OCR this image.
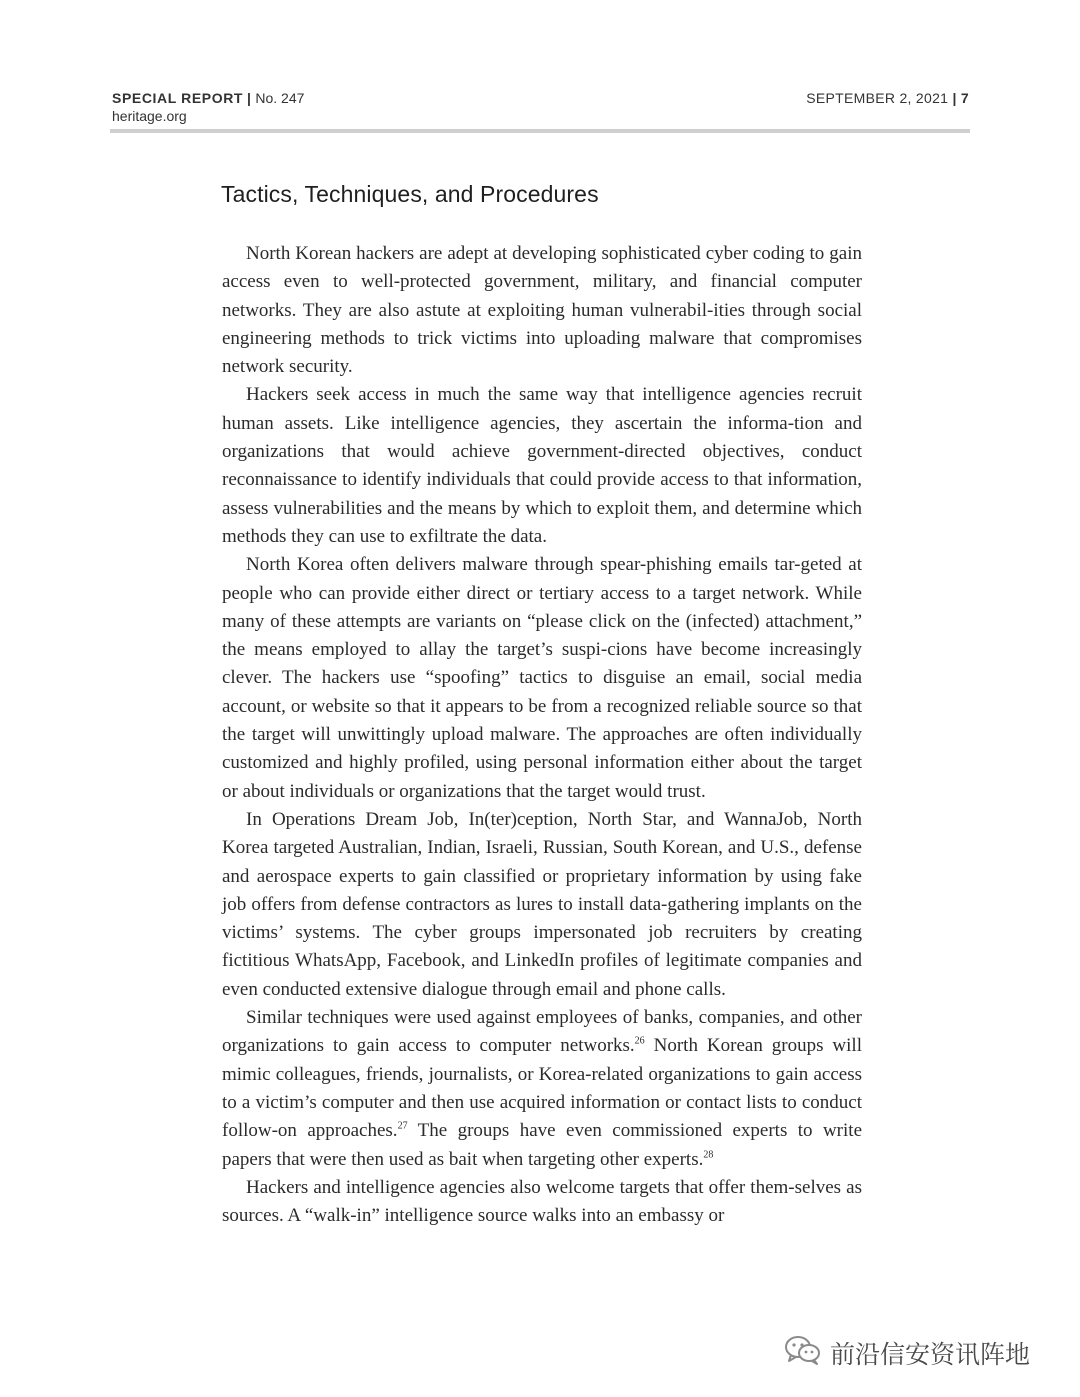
SPECIAL REPORT | No. 247
heritage.org
SEPTEMBER 2, 2021 | 7
Tactics, Techniques, and Procedures

North Korean hackers are adept at developing sophisticated cyber coding to gain access even to well-protected government, military, and financial computer networks. They are also astute at exploiting human vulnerabil-ities through social engineering methods to trick victims into uploading malware that compromises network security.

Hackers seek access in much the same way that intelligence agencies recruit human assets. Like intelligence agencies, they ascertain the informa-tion and organizations that would achieve government-directed objectives, conduct reconnaissance to identify individuals that could provide access to that information, assess vulnerabilities and the means by which to exploit them, and determine which methods they can use to exfiltrate the data.

North Korea often delivers malware through spear-phishing emails tar-geted at people who can provide either direct or tertiary access to a target network. While many of these attempts are variants on “please click on the (infected) attachment,” the means employed to allay the target’s suspi-cions have become increasingly clever. The hackers use “spoofing” tactics to disguise an email, social media account, or website so that it appears to be from a recognized reliable source so that the target will unwittingly upload malware. The approaches are often individually customized and highly profiled, using personal information either about the target or about individuals or organizations that the target would trust.

In Operations Dream Job, In(ter)ception, North Star, and WannaJob, North Korea targeted Australian, Indian, Israeli, Russian, South Korean, and U.S., defense and aerospace experts to gain classified or proprietary information by using fake job offers from defense contractors as lures to install data-gathering implants on the victims’ systems. The cyber groups impersonated job recruiters by creating fictitious WhatsApp, Facebook, and LinkedIn profiles of legitimate companies and even conducted extensive dialogue through email and phone calls.

Similar techniques were used against employees of banks, companies, and other organizations to gain access to computer networks.$^{26}$ North Korean groups will mimic colleagues, friends, journalists, or Korea-related organizations to gain access to a victim’s computer and then use acquired information or contact lists to conduct follow-on approaches.$^{27}$ The groups have even commissioned experts to write papers that were then used as bait when targeting other experts.$^{28}$

Hackers and intelligence agencies also welcome targets that offer them-selves as sources. A “walk-in” intelligence source walks into an embassy or

前沿信安资讯阵地
